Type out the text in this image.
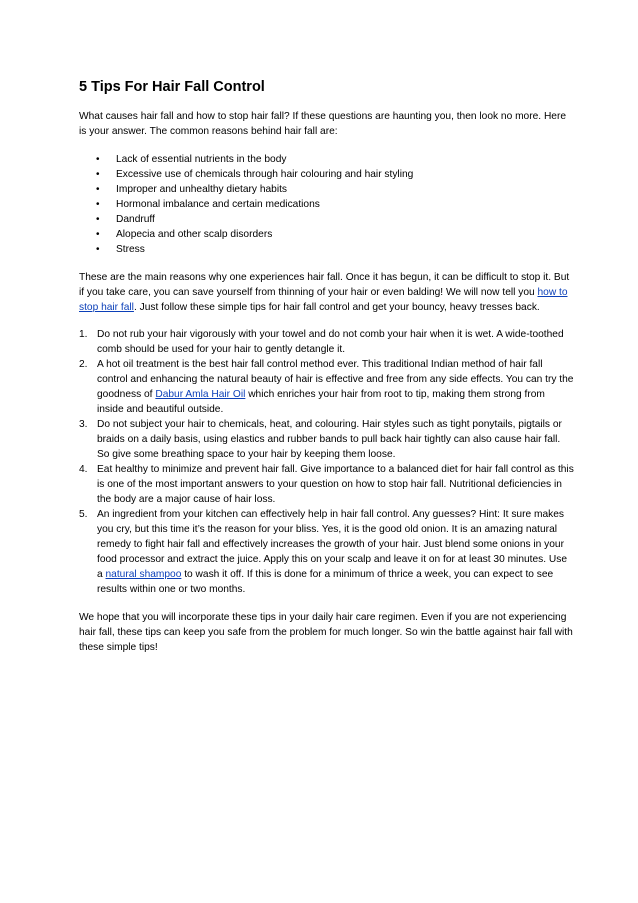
5 Tips For Hair Fall Control

What causes hair fall and how to stop hair fall? If these questions are haunting you, then look no more. Here is your answer. The common reasons behind hair fall are:

• Lack of essential nutrients in the body
• Excessive use of chemicals through hair colouring and hair styling
• Improper and unhealthy dietary habits
• Hormonal imbalance and certain medications
• Dandruff
• Alopecia and other scalp disorders
• Stress

These are the main reasons why one experiences hair fall. Once it has begun, it can be difficult to stop it. But if you take care, you can save yourself from thinning of your hair or even balding! We will now tell you how to stop hair fall. Just follow these simple tips for hair fall control and get your bouncy, heavy tresses back.

1. Do not rub your hair vigorously with your towel and do not comb your hair when it is wet. A wide-toothed comb should be used for your hair to gently detangle it.
2. A hot oil treatment is the best hair fall control method ever. This traditional Indian method of hair fall control and enhancing the natural beauty of hair is effective and free from any side effects. You can try the goodness of Dabur Amla Hair Oil which enriches your hair from root to tip, making them strong from inside and beautiful outside.
3. Do not subject your hair to chemicals, heat, and colouring. Hair styles such as tight ponytails, pigtails or braids on a daily basis, using elastics and rubber bands to pull back hair tightly can also cause hair fall. So give some breathing space to your hair by keeping them loose.
4. Eat healthy to minimize and prevent hair fall. Give importance to a balanced diet for hair fall control as this is one of the most important answers to your question on how to stop hair fall. Nutritional deficiencies in the body are a major cause of hair loss.
5. An ingredient from your kitchen can effectively help in hair fall control. Any guesses? Hint: It sure makes you cry, but this time it’s the reason for your bliss. Yes, it is the good old onion. It is an amazing natural remedy to fight hair fall and effectively increases the growth of your hair. Just blend some onions in your food processor and extract the juice. Apply this on your scalp and leave it on for at least 30 minutes. Use a natural shampoo to wash it off. If this is done for a minimum of thrice a week, you can expect to see results within one or two months.

We hope that you will incorporate these tips in your daily hair care regimen. Even if you are not experiencing hair fall, these tips can keep you safe from the problem for much longer. So win the battle against hair fall with these simple tips!
